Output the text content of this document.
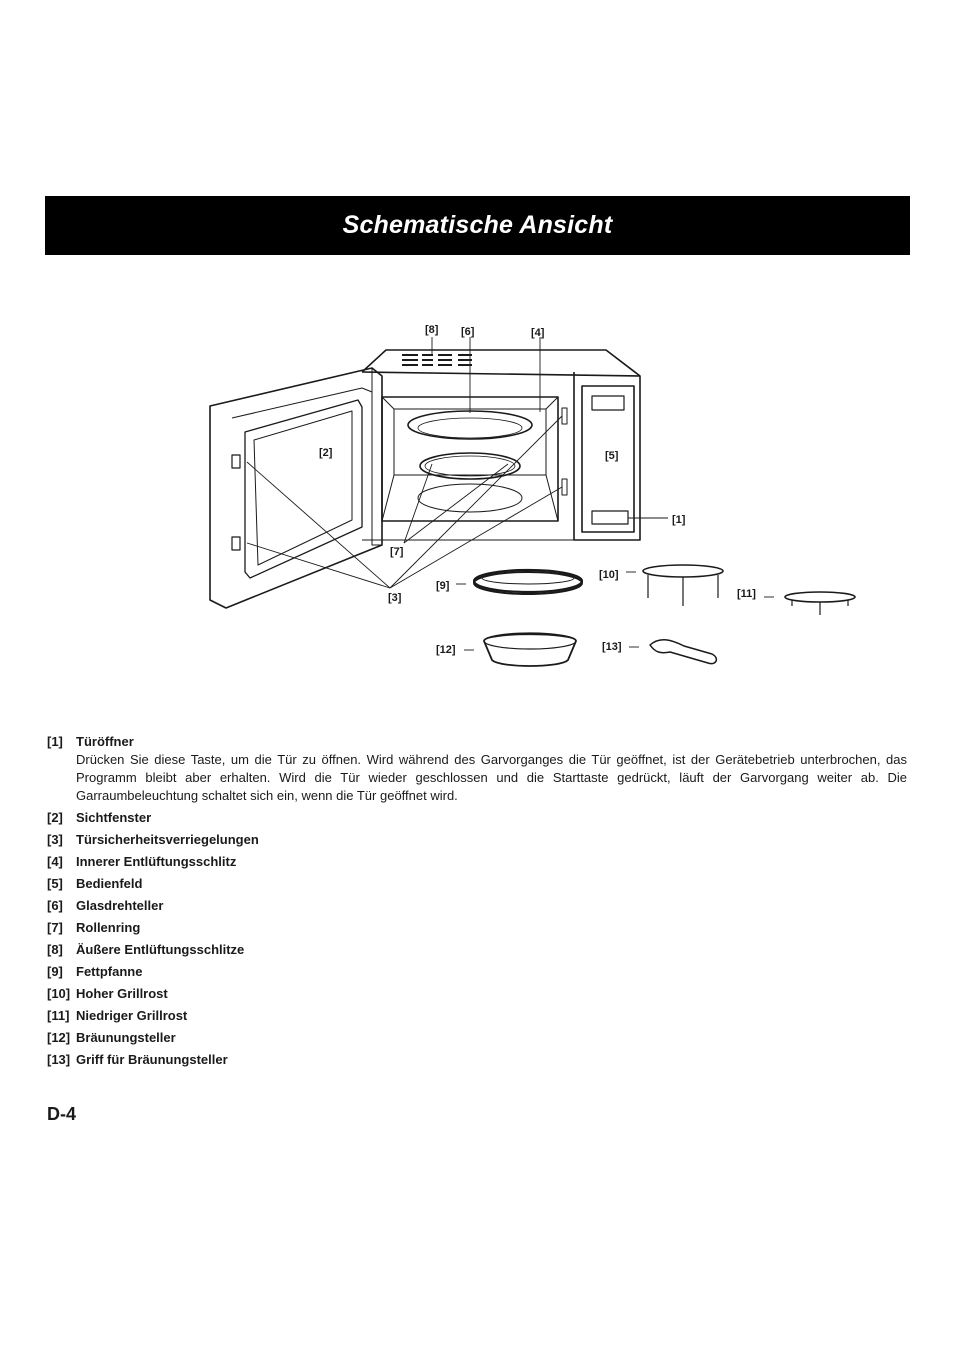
Schematische Ansicht
[8] [6]	[4]
[2]	[5]
[1]
[7]
[9]
[10]
[11]
[3]
[12]	[13]
[1]	Türöffner
Drücken Sie diese Taste, um die Tür zu öffnen. Wird während des Garvorganges die Tür geöffnet, ist der Gerätebetrieb unterbrochen, das Programm bleibt aber erhalten. Wird die Tür wieder geschlossen und die Starttaste gedrückt, läuft der Garvorgang weiter ab. Die Garraumbeleuchtung schaltet sich ein, wenn die Tür geöffnet wird.
[2]	Sichtfenster
[3]	Türsicherheitsverriegelungen
[4]	Innerer Entlüftungsschlitz
[5]	Bedienfeld
[6]	Glasdrehteller
[7]	Rollenring
[8]	Äußere Entlüftungsschlitze
[9]	Fettpfanne
[10] Hoher Grillrost
[11] Niedriger Grillrost
[12] Bräunungsteller
[13] Griff für Bräunungsteller
D-4
